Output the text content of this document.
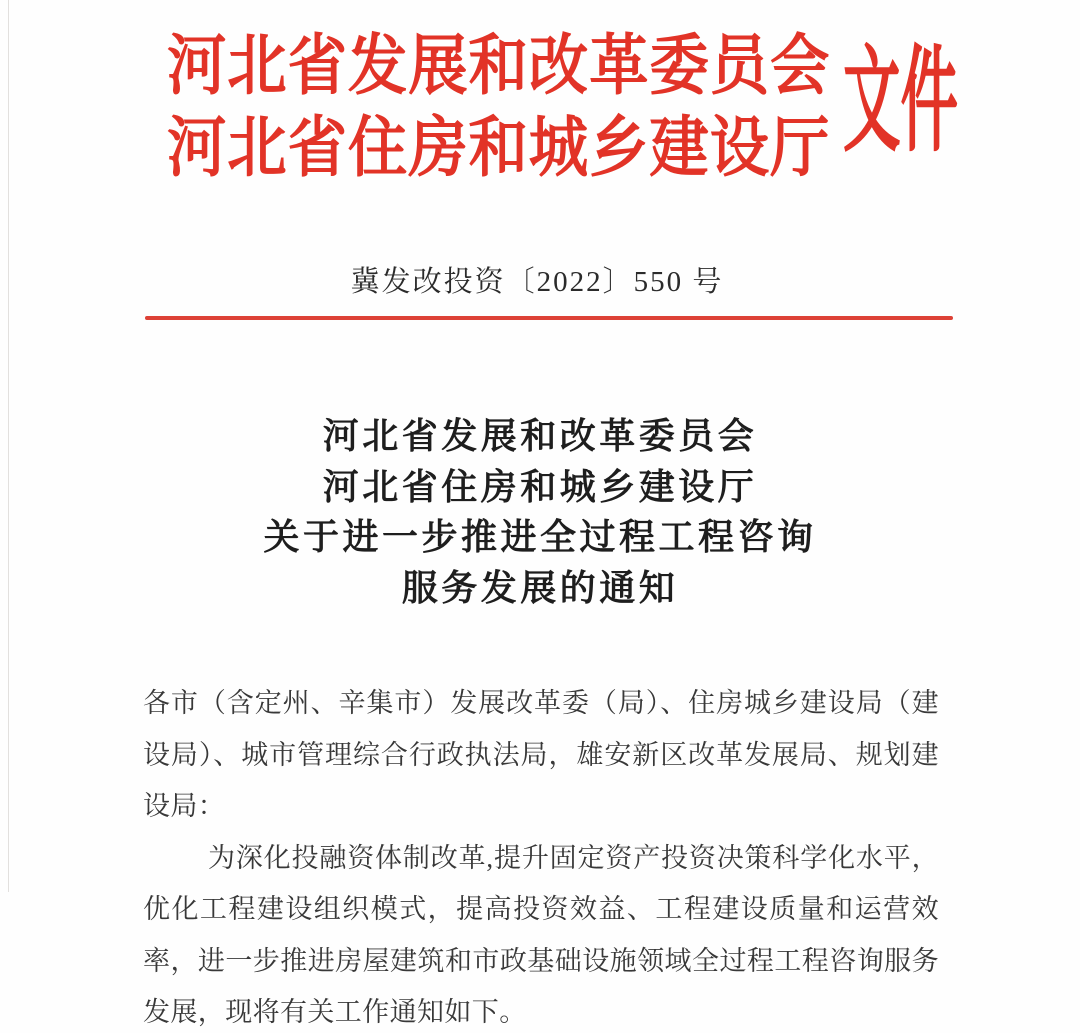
河北省发展和改革委员会
河北省住房和城乡建设厅 文件
冀发改投资〔2022〕550 号
河北省发展和改革委员会
河北省住房和城乡建设厅
关于进一步推进全过程工程咨询
服务发展的通知

各市（含定州、辛集市）发展改革委（局）、住房城乡建设局（建设局）、城市管理综合行政执法局，雄安新区改革发展局、规划建设局：

为深化投融资体制改革,提升固定资产投资决策科学化水平，优化工程建设组织模式，提高投资效益、工程建设质量和运营效率，进一步推进房屋建筑和市政基础设施领域全过程工程咨询服务发展，现将有关工作通知如下。
